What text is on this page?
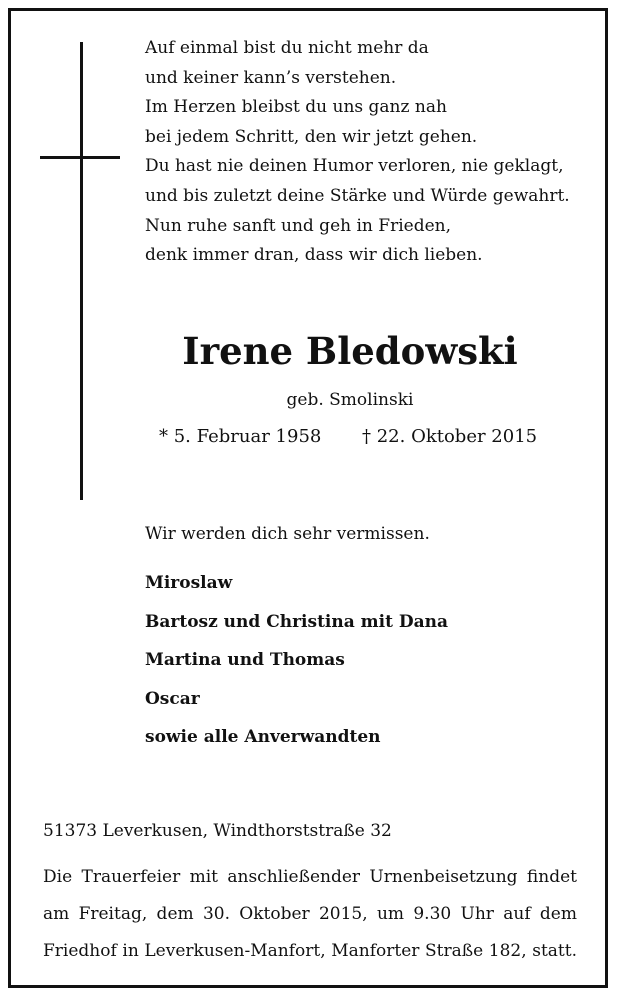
Auf einmal bist du nicht mehr da
und keiner kann’s verstehen.
Im Herzen bleibst du uns ganz nah
bei jedem Schritt, den wir jetzt gehen.
Du hast nie deinen Humor verloren, nie geklagt,
und bis zuletzt deine Stärke und Würde gewahrt.
Nun ruhe sanft und geh in Frieden,
denk immer dran, dass wir dich lieben.
Irene Bledowski
geb. Smolinski
* 5. Februar 1958 † 22. Oktober 2015
Wir werden dich sehr vermissen.
Miroslaw
Bartosz und Christina mit Dana
Martina und Thomas
Oscar
sowie alle Anverwandten
51373 Leverkusen, Windthorststraße 32
Die Trauerfeier mit anschließender Urnenbeisetzung findet
am Freitag, dem 30. Oktober 2015, um 9.30 Uhr auf dem
Friedhof in Leverkusen-Manfort, Manforter Straße 182, statt.
